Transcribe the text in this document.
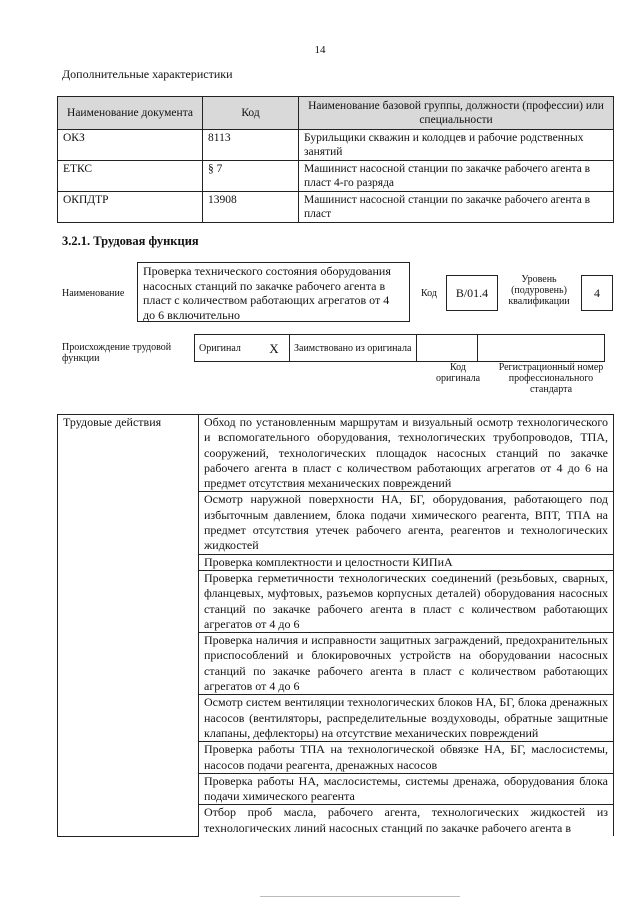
14
Дополнительные характеристики
Наименование документа	Код	Наименование базовой группы, должности (профессии) или специальности
ОКЗ	8113	Бурильщики скважин и колодцев и рабочие родственных занятий
ЕТКС	§ 7	Машинист насосной станции по закачке рабочего агента в пласт 4-го разряда
ОКПДТР	13908	Машинист насосной станции по закачке рабочего агента в пласт
3.2.1. Трудовая функция
Наименование
Проверка технического состояния оборудования насосных станций по закачке рабочего агента в пласт с количеством работающих агрегатов от 4 до 6 включительно
Код	B/01.4
Уровень (подуровень) квалификации
4
Происхождение трудовой функции
Оригинал	X	Заимствовано из оригинала		
Код оригинала
Регистрационный номер профессионального стандарта
Трудовые действия	Обход по установленным маршрутам и визуальный осмотр технологического и вспомогательного оборудования, технологических трубопроводов, ТПА, сооружений, технологических площадок насосных станций по закачке рабочего агента в пласт с количеством работающих агрегатов от 4 до 6 на предмет отсутствия механических повреждений
Осмотр наружной поверхности НА, БГ, оборудования, работающего под избыточным давлением, блока подачи химического реагента, ВПТ, ТПА на предмет отсутствия утечек рабочего агента, реагентов и технологических жидкостей
Проверка комплектности и целостности КИПиА
Проверка герметичности технологических соединений (резьбовых, сварных, фланцевых, муфтовых, разъемов корпусных деталей) оборудования насосных станций по закачке рабочего агента в пласт с количеством работающих агрегатов от 4 до 6
Проверка наличия и исправности защитных заграждений, предохранительных приспособлений и блокировочных устройств на оборудовании насосных станций по закачке рабочего агента в пласт с количеством работающих агрегатов от 4 до 6
Осмотр систем вентиляции технологических блоков НА, БГ, блока дренажных насосов (вентиляторы, распределительные воздуховоды, обратные защитные клапаны, дефлекторы) на отсутствие механических повреждений
Проверка работы ТПА на технологической обвязке НА, БГ, маслосистемы, насосов подачи реагента, дренажных насосов
Проверка работы НА, маслосистемы, системы дренажа, оборудования блока подачи химического реагента
Отбор проб масла, рабочего агента, технологических жидкостей из технологических линий насосных станций по закачке рабочего агента в
